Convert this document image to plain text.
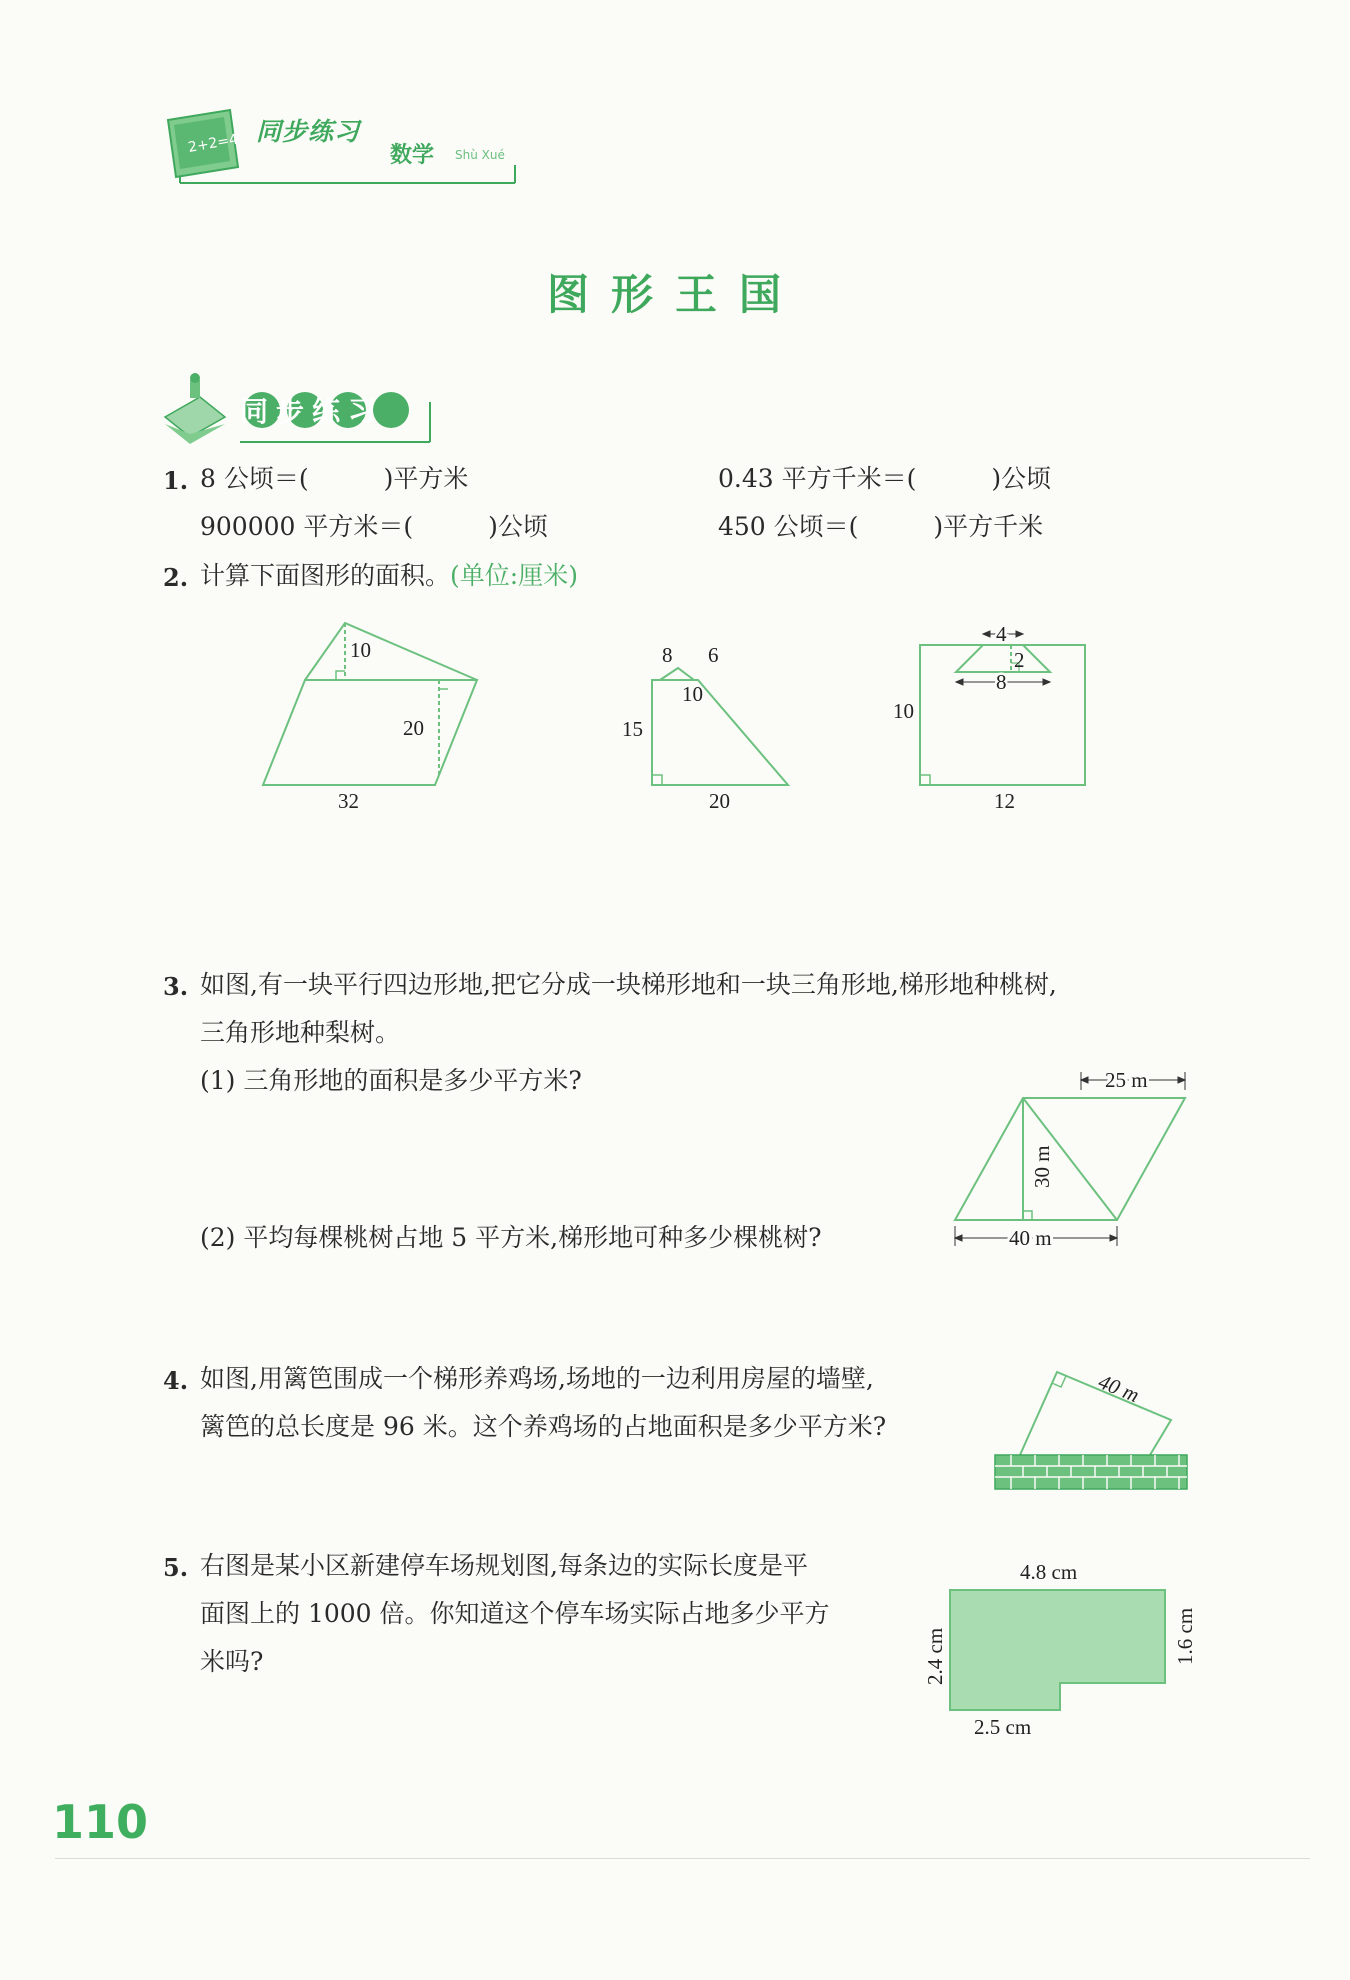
2+2=4 同步练习
数学 Shù Xué
图形王国
同步练习
1. 8 公顷＝(　　　)平方米	0.43 平方千米＝(　　　)公顷
900000 平方米＝(　　　)公顷	450 公顷＝(　　　)平方千米
2. 计算下面图形的面积。(单位:厘米)
10
20
32
8 6
10
15
20
4
2
8
10
12
3. 如图,有一块平行四边形地,把它分成一块梯形地和一块三角形地,梯形地种桃树,
三角形地种梨树。
(1) 三角形地的面积是多少平方米?
(2) 平均每棵桃树占地 5 平方米,梯形地可种多少棵桃树?
25 m
30 m
40 m
4. 如图,用篱笆围成一个梯形养鸡场,场地的一边利用房屋的墙壁,
篱笆的总长度是 96 米。这个养鸡场的占地面积是多少平方米?
40 m
5. 右图是某小区新建停车场规划图,每条边的实际长度是平
面图上的 1000 倍。你知道这个停车场实际占地多少平方
米吗?
4.8 cm
2.4 cm	1.6 cm
2.5 cm
110
